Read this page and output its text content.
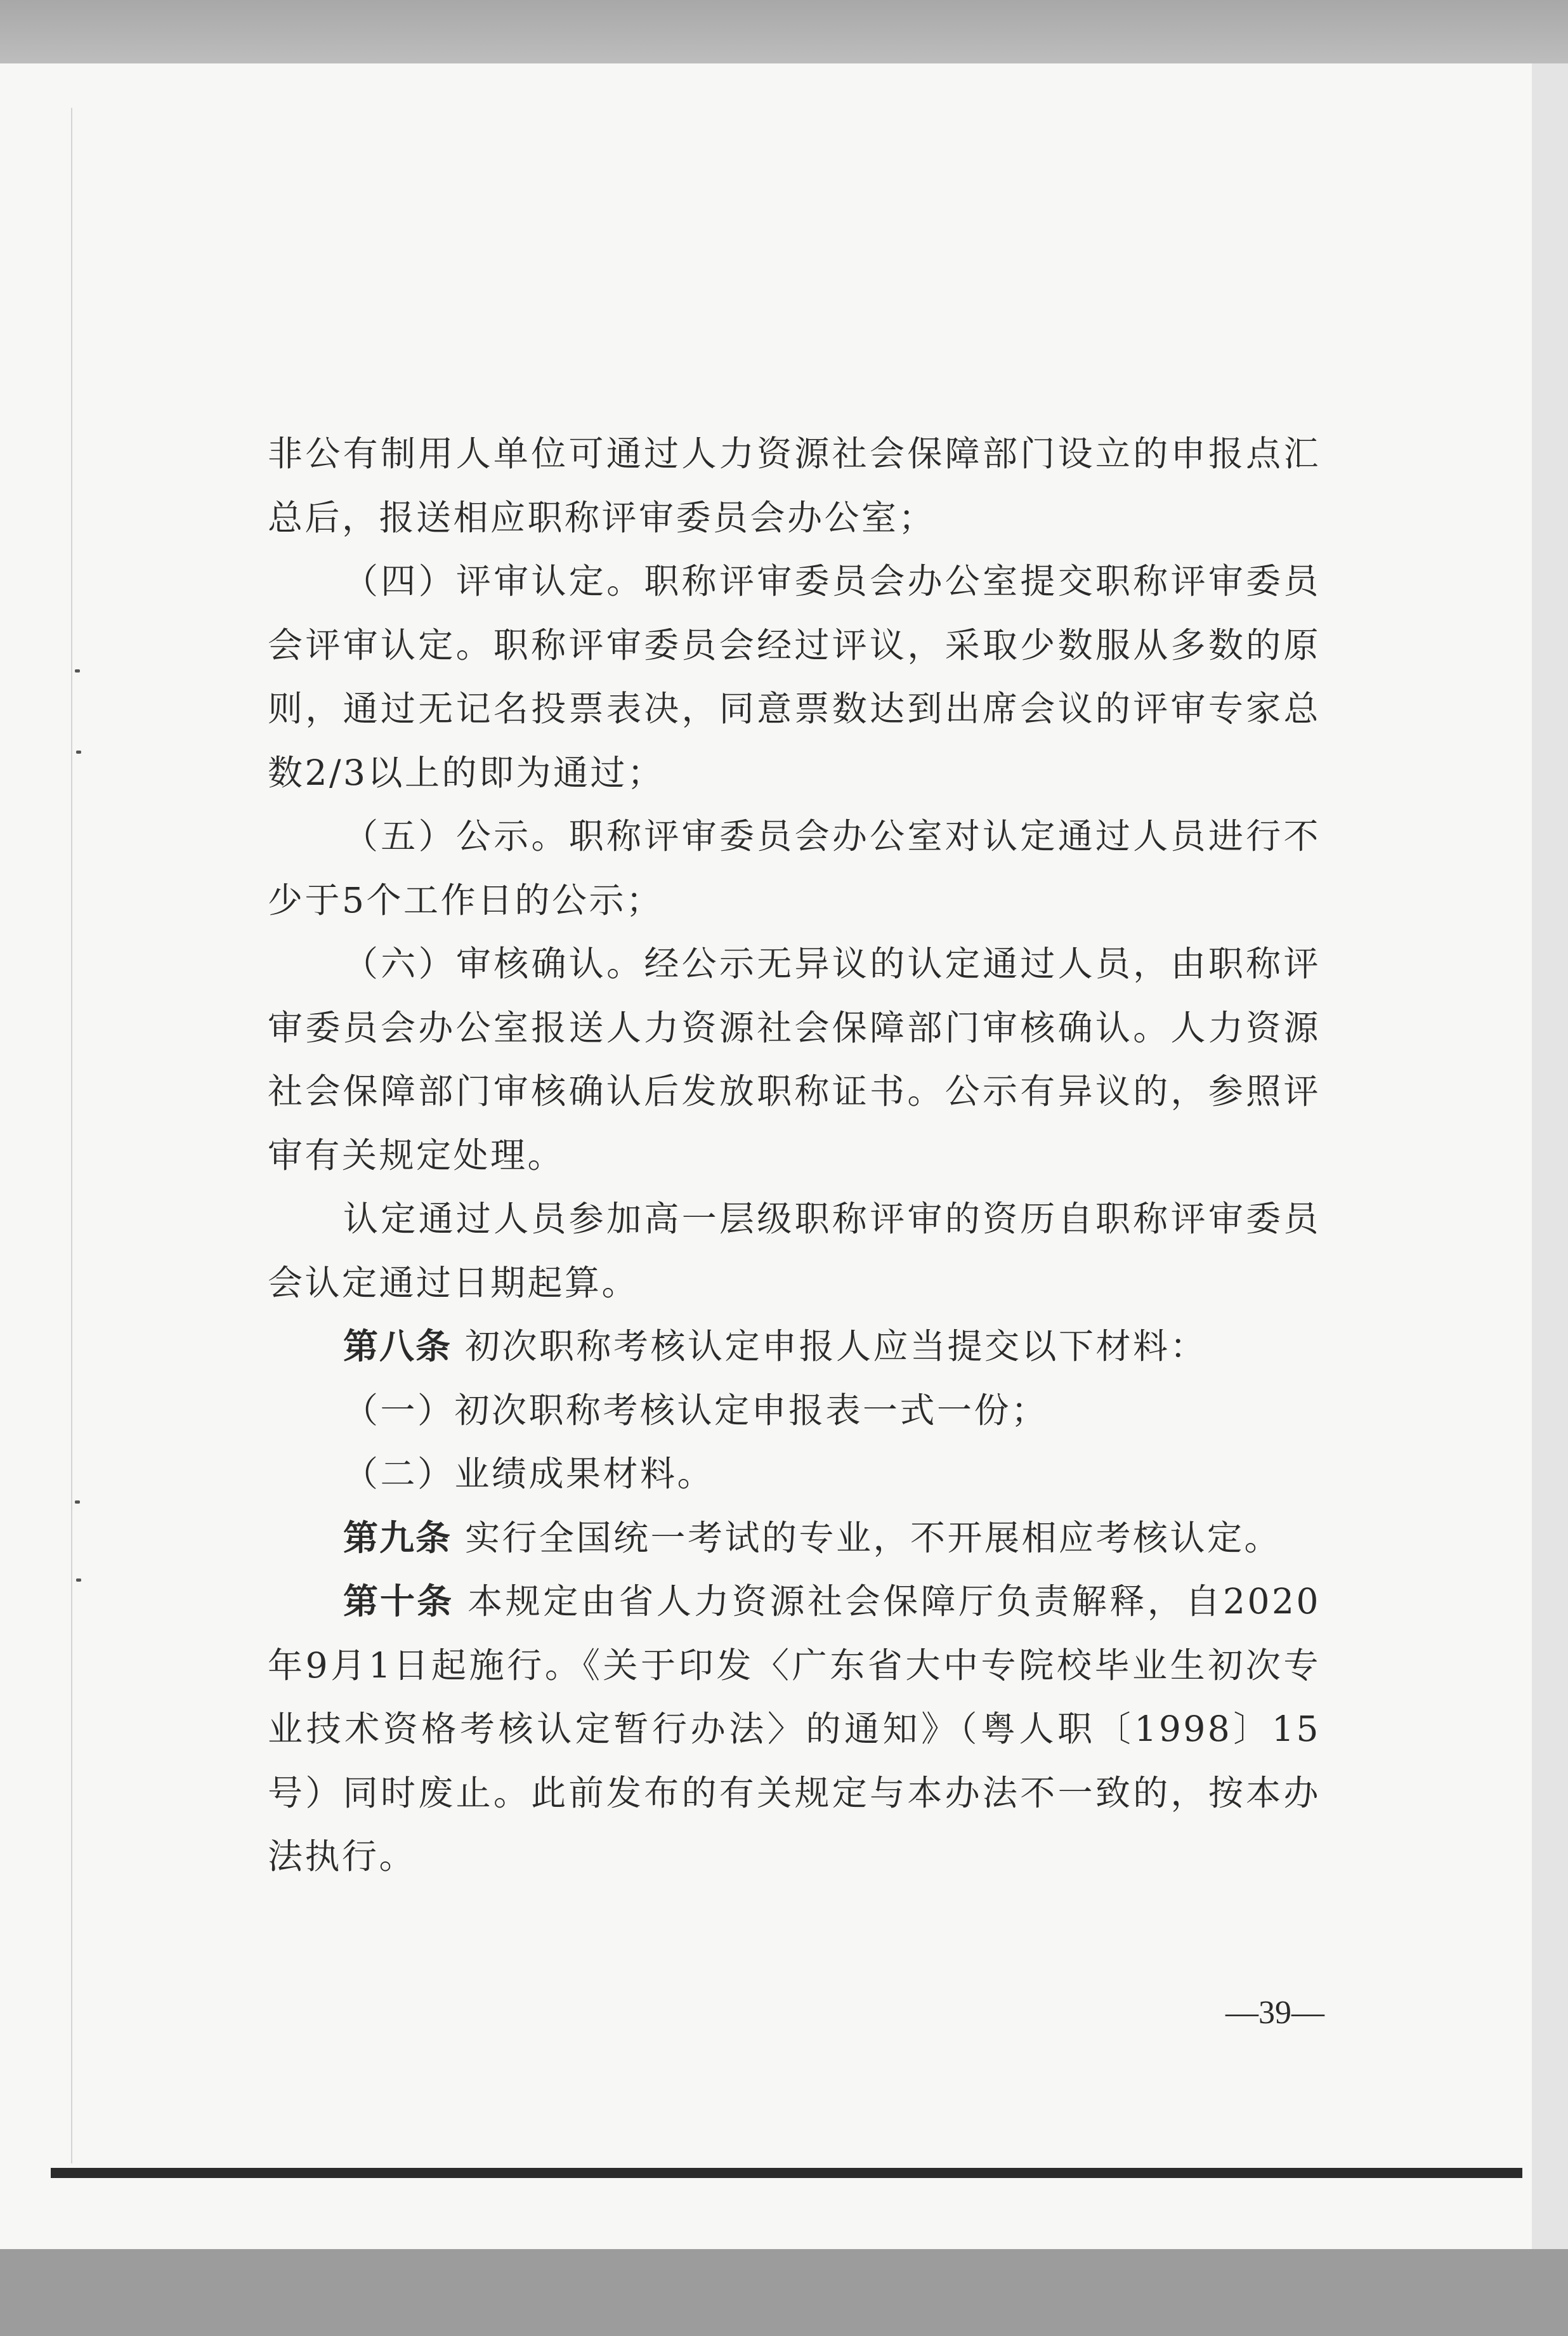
非公有制用人单位可通过人力资源社会保障部门设立的申报点汇总后，报送相应职称评审委员会办公室；

（四）评审认定。职称评审委员会办公室提交职称评审委员会评审认定。职称评审委员会经过评议，采取少数服从多数的原则，通过无记名投票表决，同意票数达到出席会议的评审专家总数2/3以上的即为通过；

（五）公示。职称评审委员会办公室对认定通过人员进行不少于5个工作日的公示；

（六）审核确认。经公示无异议的认定通过人员，由职称评审委员会办公室报送人力资源社会保障部门审核确认。人力资源社会保障部门审核确认后发放职称证书。公示有异议的，参照评审有关规定处理。

认定通过人员参加高一层级职称评审的资历自职称评审委员会认定通过日期起算。

第八条 初次职称考核认定申报人应当提交以下材料：

（一）初次职称考核认定申报表一式一份；

（二）业绩成果材料。

第九条 实行全国统一考试的专业，不开展相应考核认定。

第十条 本规定由省人力资源社会保障厅负责解释，自2020年9月1日起施行。《关于印发〈广东省大中专院校毕业生初次专业技术资格考核认定暂行办法〉的通知》（粤人职〔1998〕15号）同时废止。此前发布的有关规定与本办法不一致的，按本办法执行。

—39—
